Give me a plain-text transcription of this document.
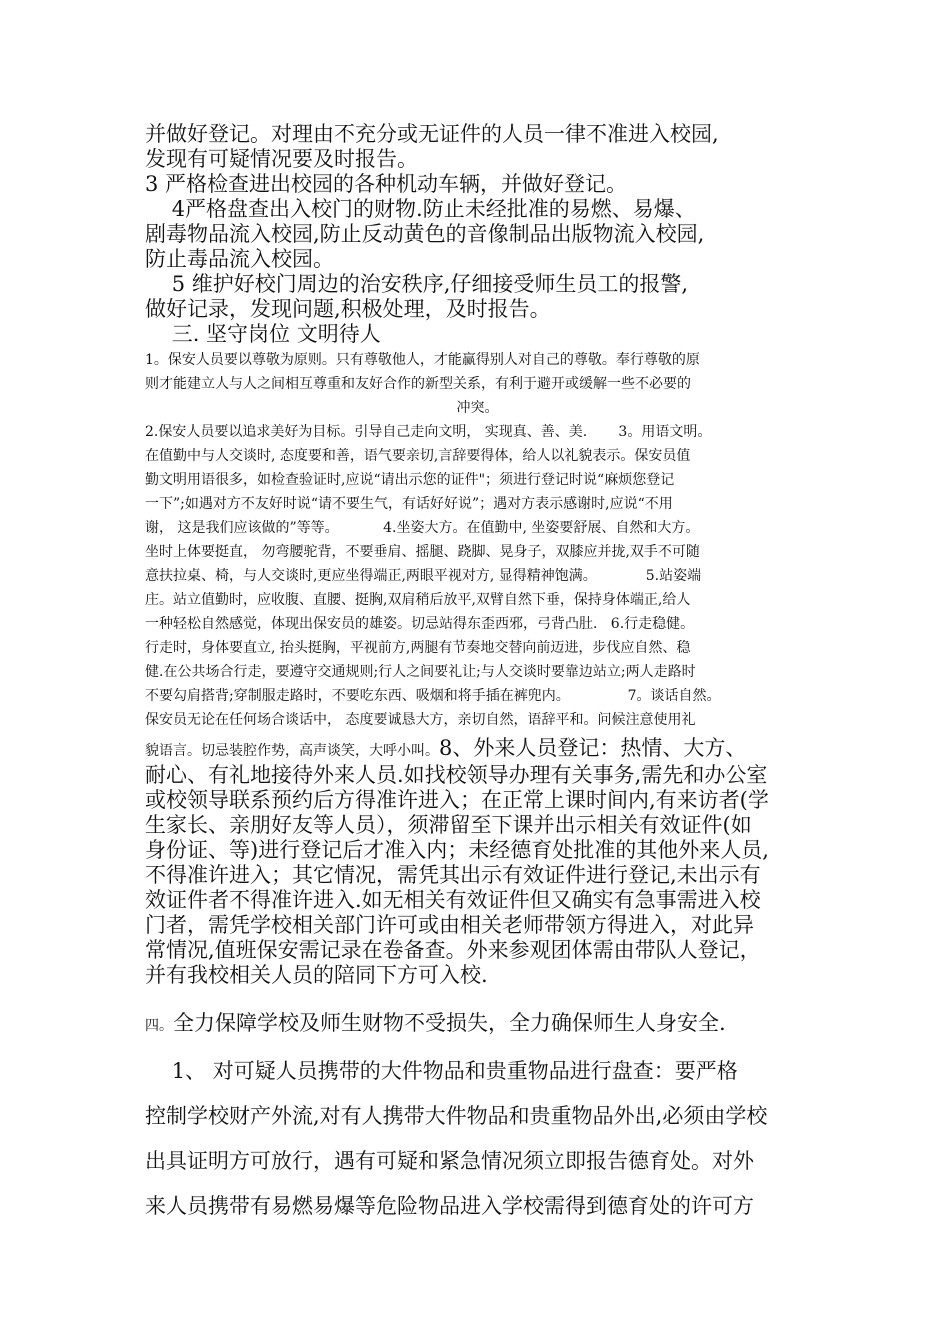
并做好登记。对理由不充分或无证件的人员一律不准进入校园,
发现有可疑情况要及时报告。
3 严格检查进出校园的各种机动车辆，并做好登记。
4严格盘查出入校门的财物.防止未经批准的易燃、易爆、
剧毒物品流入校园,防止反动黄色的音像制品出版物流入校园,
防止毒品流入校园。
5 维护好校门周边的治安秩序,仔细接受师生员工的报警,
做好记录，发现问题,积极处理，及时报告。
三. 坚守岗位 文明待人
1。保安人员要以尊敬为原则。只有尊敬他人，才能赢得别人对自己的尊敬。奉行尊敬的原
则才能建立人与人之间相互尊重和友好合作的新型关系，有利于避开或缓解一些不必要的
冲突。
2.保安人员要以追求美好为目标。引导自己走向文明， 实现真、善、美.       3。用语文明。
在值勤中与人交谈时, 态度要和善，语气要亲切,言辞要得体，给人以礼貌表示。保安员值
勤文明用语很多，如检查验证时,应说“请出示您的证件"；须进行登记时说“麻烦您登记
一下”;如遇对方不友好时说“请不要生气，有话好好说”；遇对方表示感谢时,应说“不用
谢， 这是我们应该做的”等等。          4.坐姿大方。在值勤中, 坐姿要舒展、自然和大方。
坐时上体要挺直， 勿弯腰驼背，不要垂肩、摇腿、跷脚、晃身子，双膝应并拢,双手不可随
意扶拉桌、椅，与人交谈时,更应坐得端正,两眼平视对方, 显得精神饱满。           5.站姿端
庄。站立值勤时，应收腹、直腰、挺胸,双肩稍后放平,双臂自然下垂，保持身体端正,给人
一种轻松自然感觉，体现出保安员的雄姿。切忌站得东歪西邪，弓背凸肚.   6.行走稳健。
行走时，身体要直立, 抬头挺胸，平视前方,两腿有节奏地交替向前迈进，步伐应自然、稳
健.在公共场合行走，要遵守交通规则;行人之间要礼让;与人交谈时要靠边站立;两人走路时
不要勾肩搭背;穿制服走路时，不要吃东西、吸烟和将手插在裤兜内。             7。谈话自然。
保安员无论在任何场合谈话中， 态度要诚恳大方，亲切自然，语辞平和。问候注意使用礼
貌语言。切忌装腔作势，高声谈笑，大呼小叫。8、外来人员登记：热情、大方、
耐心、有礼地接待外来人员.如找校领导办理有关事务,需先和办公室
或校领导联系预约后方得准许进入；在正常上课时间内,有来访者(学
生家长、亲朋好友等人员），须滞留至下课并出示相关有效证件(如
身份证、等)进行登记后才准入内；未经德育处批准的其他外来人员,
不得准许进入；其它情况，需凭其出示有效证件进行登记,未出示有
效证件者不得准许进入.如无相关有效证件但又确实有急事需进入校
门者，需凭学校相关部门许可或由相关老师带领方得进入，对此异
常情况,值班保安需记录在卷备查。外来参观团体需由带队人登记，
并有我校相关人员的陪同下方可入校.
四。全力保障学校及师生财物不受损失，全力确保师生人身安全.
1、 对可疑人员携带的大件物品和贵重物品进行盘查：要严格
控制学校财产外流,对有人携带大件物品和贵重物品外出,必须由学校
出具证明方可放行，遇有可疑和紧急情况须立即报告德育处。对外
来人员携带有易燃易爆等危险物品进入学校需得到德育处的许可方
